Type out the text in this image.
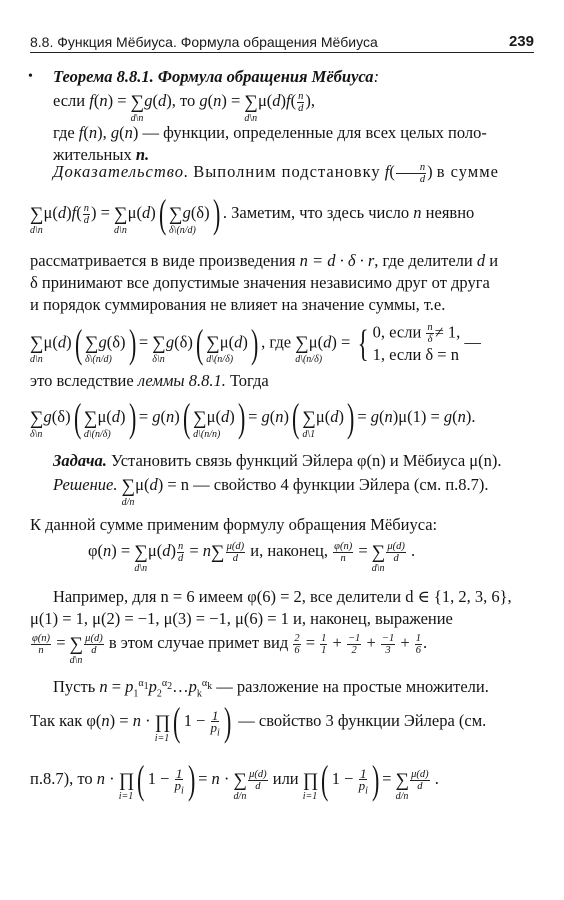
8.8. Функция Мёбиуса. Формула обращения Мёбиуса	239
•	Теорема 8.8.1. Формула обращения Мёбиуса:
если f(n) = ∑
d\n
g(d), то g(n) = ∑
d\n
$\mu(d)f( \frac{n}{d}$ ),
где f(n), g(n) — функции, определенные для всех целых поло-
жительных n.
Доказательство. Выполним подстановку $f( \frac{n}{d}$ ) в сумме
∑
d\n
$\mu(d)f( \frac{n}{d}$ ) = ∑
d\n
μ(d)( ∑
δ\(n/d)
g(δ)) . Заметим, что здесь число n неявно
рассматривается в виде произведения n = d · δ · r, где делители d и
δ принимают все допустимые значения независимо друг от друга
и порядок суммирования не влияет на значение суммы, т.е.
∑
d\n
μ(d)( ∑
δ\(n/d)
g(δ)) = ∑
δ\n
g(δ)( ∑
d\(n/δ)
μ(d)) , где ∑
d\(n/δ)
μ(d) = { 0, если $\frac{n}{\delta} \ne 1$,
1, если δ = n
—
это вследствие леммы 8.8.1. Тогда
∑
δ\n
g(δ)( ∑
d\(n/δ)
μ(d)) = g(n)( ∑
d\(n/n)
μ(d)) = g(n)( ∑
d\1
μ(d)) = g(n)μ(1) = g(n).
Задача. Установить связь функций Эйлера φ(n) и Мёбиуса μ(n).
Решение. ∑
d/n
μ(d) = n — свойство 4 функции Эйлера (см. п.8.7).
К данной сумме применим формулу обращения Мёбиуса:
φ(n) = ∑
d\n
$\mu(d) \frac{n}{d} = n\sum \frac{\mu(d)}{d} и$, наконец, $\frac{\varphi(n)}{n}$ = ∑
d\n
$\frac{\mu(d)}{d}$ .
Например, для n = 6 имеем φ(6) = 2, все делители d ∈ {1, 2, 3, 6},
μ(1) = 1, μ(2) = −1, μ(3) = −1, μ(6) = 1 и, наконец, выражение
$\frac{\varphi(n)}{n}$ = ∑
d\n
$\frac{\mu(d)}{d}$ в этом случае примет вид $\frac{2}{6} = \frac{1}{1} + \frac{-1}{2} + \frac{-1}{3} + \frac{1}{6}$ .
Пусть $n = p_1^{\alpha_1}p_2^{\alpha_2}\dots p_k^{\alpha_k}$ — разложение на простые множители.
Так как φ(n) = n · ∏
i=1 ( $1 - \frac{1}{p_i}$ ) — свойство 3 функции Эйлера (см.
п.8.7), то n · ∏
i=1 ( $1 - \frac{1}{p_i}$ ) = n · ∑
d/n
$\frac{\mu(d)}{d}$ или ∏
i=1 ( $1 - \frac{1}{p_i}$ ) = ∑
d/n
$\frac{\mu(d)}{d}$ .
